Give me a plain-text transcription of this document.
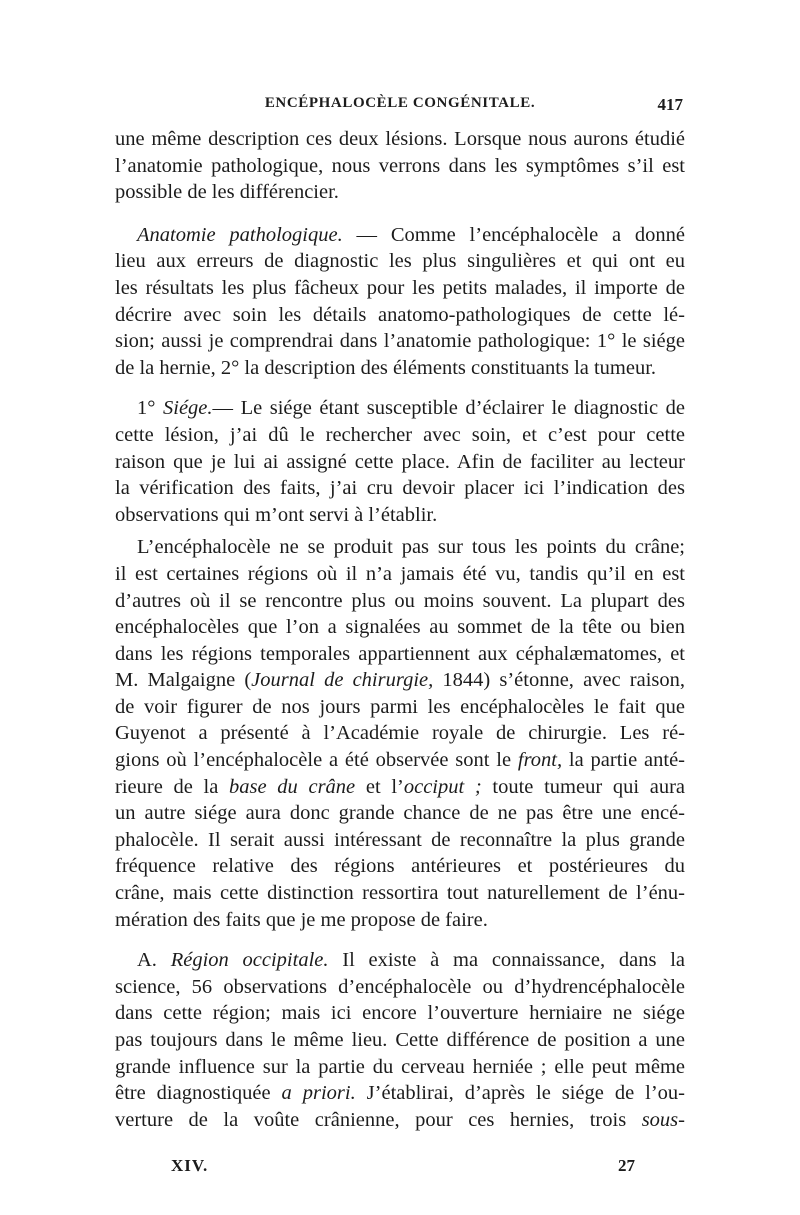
ENCÉPHALOCÈLE CONGÉNITALE.	417
une même description ces deux lésions. Lorsque nous aurons étudié
l’anatomie pathologique, nous verrons dans les symptômes s’il est
possible de les différencier.
Anatomie pathologique. — Comme l’encéphalocèle a donné
lieu aux erreurs de diagnostic les plus singulières et qui ont eu
les résultats les plus fâcheux pour les petits malades, il importe de
décrire avec soin les détails anatomo-pathologiques de cette lé-
sion; aussi je comprendrai dans l’anatomie pathologique: 1° le siége
de la hernie, 2° la description des éléments constituants la tumeur.
1° Siége.— Le siége étant susceptible d’éclairer le diagnostic de
cette lésion, j’ai dû le rechercher avec soin, et c’est pour cette
raison que je lui ai assigné cette place. Afin de faciliter au lecteur
la vérification des faits, j’ai cru devoir placer ici l’indication des
observations qui m’ont servi à l’établir.
L’encéphalocèle ne se produit pas sur tous les points du crâne;
il est certaines régions où il n’a jamais été vu, tandis qu’il en est
d’autres où il se rencontre plus ou moins souvent. La plupart des
encéphalocèles que l’on a signalées au sommet de la tête ou bien
dans les régions temporales appartiennent aux céphalæmatomes, et
M. Malgaigne (Journal de chirurgie, 1844) s’étonne, avec raison,
de voir figurer de nos jours parmi les encéphalocèles le fait que
Guyenot a présenté à l’Académie royale de chirurgie. Les ré-
gions où l’encéphalocèle a été observée sont le front, la partie anté-
rieure de la base du crâne et l’occiput ; toute tumeur qui aura
un autre siége aura donc grande chance de ne pas être une encé-
phalocèle. Il serait aussi intéressant de reconnaître la plus grande
fréquence relative des régions antérieures et postérieures du
crâne, mais cette distinction ressortira tout naturellement de l’énu-
mération des faits que je me propose de faire.
A. Région occipitale. Il existe à ma connaissance, dans la
science, 56 observations d’encéphalocèle ou d’hydrencéphalocèle
dans cette région; mais ici encore l’ouverture herniaire ne siége
pas toujours dans le même lieu. Cette différence de position a une
grande influence sur la partie du cerveau herniée ; elle peut même
être diagnostiquée a priori. J’établirai, d’après le siége de l’ou-
verture de la voûte crânienne, pour ces hernies, trois sous-
XIV.	27
